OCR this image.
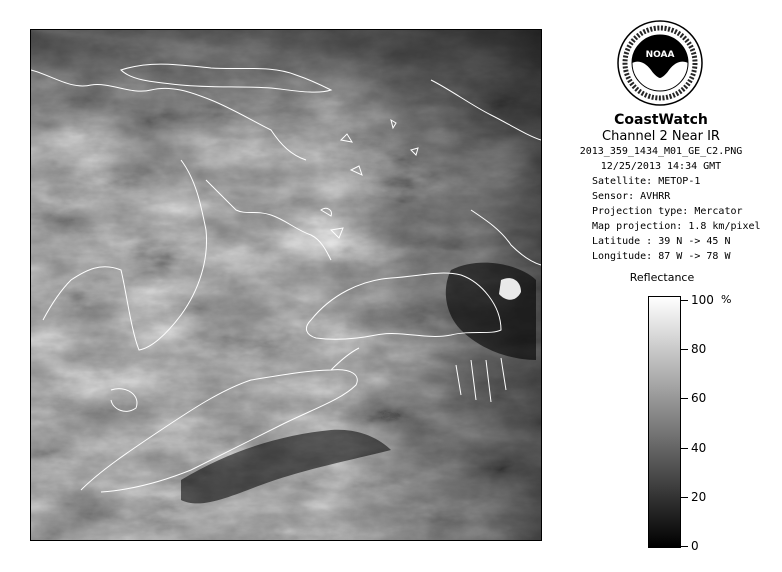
NOAA
CoastWatch
Channel 2 Near IR
2013_359_1434_M01_GE_C2.PNG
12/25/2013 14:34 GMT
Satellite: METOP-1
Sensor: AVHRR
Projection type: Mercator
Map projection: 1.8 km/pixel
Latitude : 39 N -> 45 N
Longitude: 87 W -> 78 W
Reflectance
%
100
80
60
40
20
0
